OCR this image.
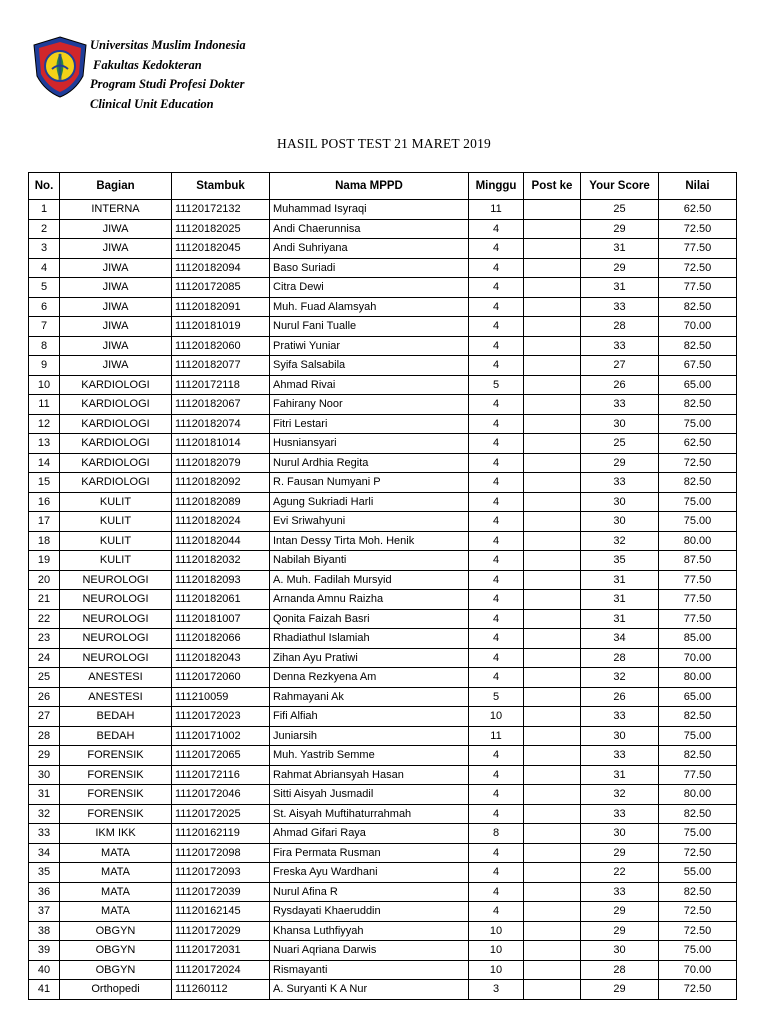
Universitas Muslim Indonesia
Fakultas Kedokteran
Program Studi Profesi Dokter
Clinical Unit Education
HASIL POST TEST 21 MARET 2019
No.	Bagian	Stambuk	Nama MPPD	Minggu	Post ke	Your Score	Nilai
1	INTERNA	11120172132	Muhammad Isyraqi	11		25	62.50
2	JIWA	11120182025	Andi Chaerunnisa	4		29	72.50
3	JIWA	11120182045	Andi Suhriyana	4		31	77.50
4	JIWA	11120182094	Baso Suriadi	4		29	72.50
5	JIWA	11120172085	Citra Dewi	4		31	77.50
6	JIWA	11120182091	Muh. Fuad Alamsyah	4		33	82.50
7	JIWA	11120181019	Nurul Fani Tualle	4		28	70.00
8	JIWA	11120182060	Pratiwi Yuniar	4		33	82.50
9	JIWA	11120182077	Syifa Salsabila	4		27	67.50
10	KARDIOLOGI	11120172118	Ahmad Rivai	5		26	65.00
11	KARDIOLOGI	11120182067	Fahirany Noor	4		33	82.50
12	KARDIOLOGI	11120182074	Fitri Lestari	4		30	75.00
13	KARDIOLOGI	11120181014	Husniansyari	4		25	62.50
14	KARDIOLOGI	11120182079	Nurul Ardhia Regita	4		29	72.50
15	KARDIOLOGI	11120182092	R. Fausan Numyani P	4		33	82.50
16	KULIT	11120182089	Agung Sukriadi Harli	4		30	75.00
17	KULIT	11120182024	Evi Sriwahyuni	4		30	75.00
18	KULIT	11120182044	Intan Dessy Tirta Moh. Henik	4		32	80.00
19	KULIT	11120182032	Nabilah Biyanti	4		35	87.50
20	NEUROLOGI	11120182093	A. Muh. Fadilah Mursyid	4		31	77.50
21	NEUROLOGI	11120182061	Arnanda Amnu Raizha	4		31	77.50
22	NEUROLOGI	11120181007	Qonita Faizah Basri	4		31	77.50
23	NEUROLOGI	11120182066	Rhadiathul Islamiah	4		34	85.00
24	NEUROLOGI	11120182043	Zihan Ayu Pratiwi	4		28	70.00
25	ANESTESI	11120172060	Denna Rezkyena Am	4		32	80.00
26	ANESTESI	111210059	Rahmayani Ak	5		26	65.00
27	BEDAH	11120172023	Fifi Alfiah	10		33	82.50
28	BEDAH	11120171002	Juniarsih	11		30	75.00
29	FORENSIK	11120172065	Muh. Yastrib Semme	4		33	82.50
30	FORENSIK	11120172116	Rahmat Abriansyah Hasan	4		31	77.50
31	FORENSIK	11120172046	Sitti Aisyah Jusmadil	4		32	80.00
32	FORENSIK	11120172025	St. Aisyah Muftihaturrahmah	4		33	82.50
33	IKM IKK	11120162119	Ahmad Gifari Raya	8		30	75.00
34	MATA	11120172098	Fira Permata Rusman	4		29	72.50
35	MATA	11120172093	Freska Ayu Wardhani	4		22	55.00
36	MATA	11120172039	Nurul Afina R	4		33	82.50
37	MATA	11120162145	Rysdayati Khaeruddin	4		29	72.50
38	OBGYN	11120172029	Khansa Luthfiyyah	10		29	72.50
39	OBGYN	11120172031	Nuari Aqriana Darwis	10		30	75.00
40	OBGYN	11120172024	Rismayanti	10		28	70.00
41	Orthopedi	111260112	A. Suryanti K A Nur	3		29	72.50
